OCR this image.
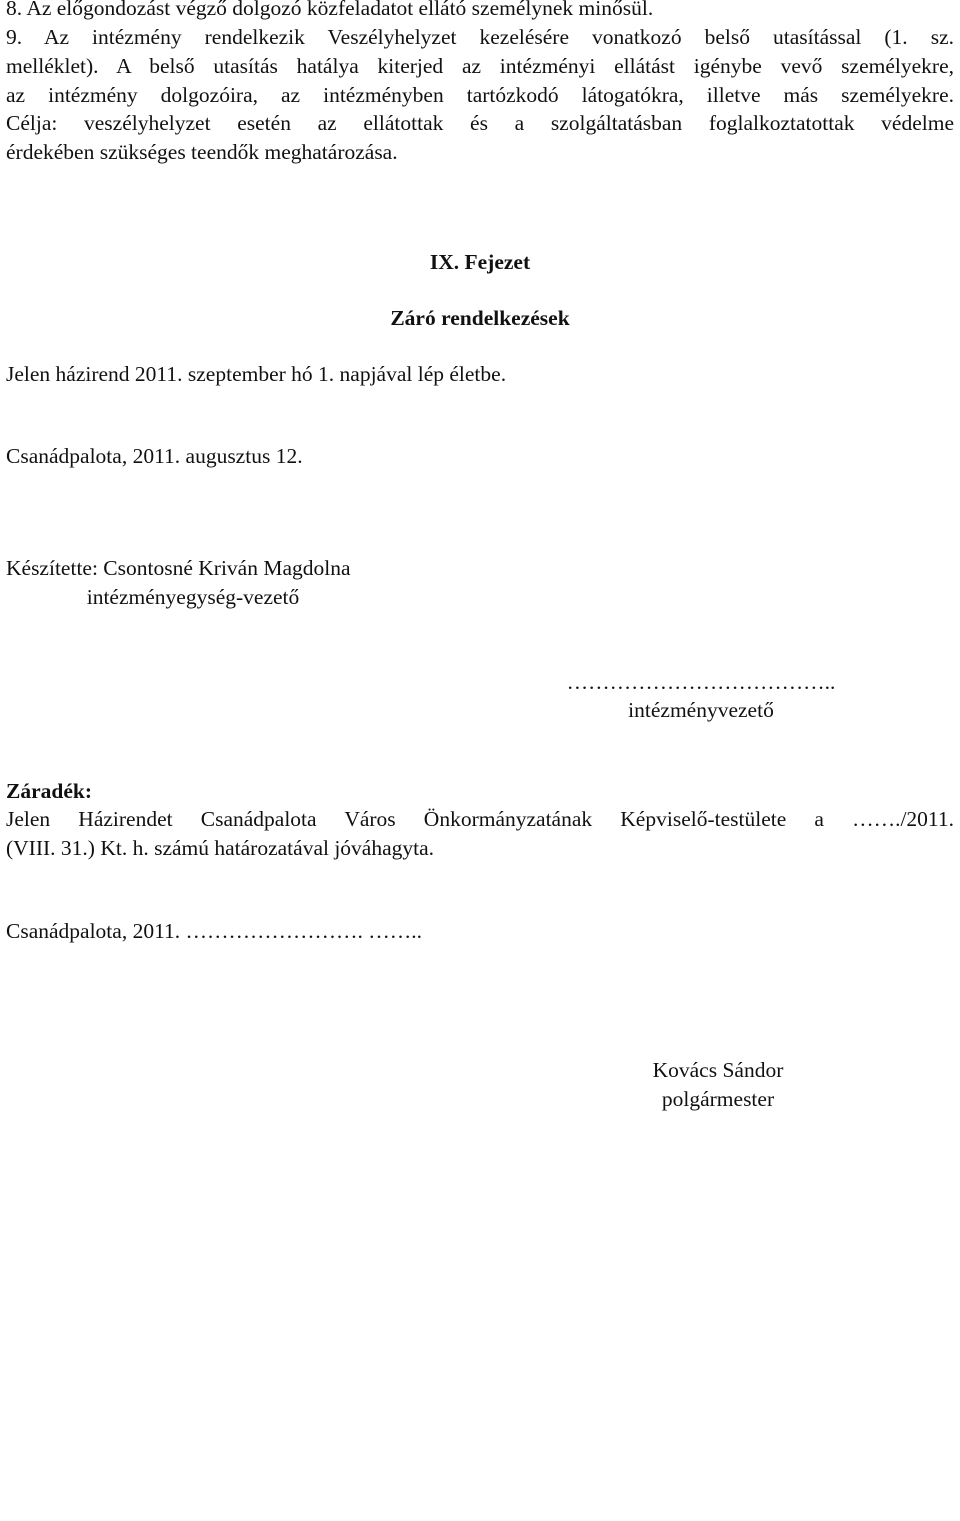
8. Az előgondozást végző dolgozó közfeladatot ellátó személynek minősül.
9. Az intézmény rendelkezik Veszélyhelyzet kezelésére vonatkozó belső utasítással (1. sz.
melléklet). A belső utasítás hatálya kiterjed az intézményi ellátást igénybe vevő személyekre,
az intézmény dolgozóira, az intézményben tartózkodó látogatókra, illetve más személyekre.
Célja: veszélyhelyzet esetén az ellátottak és a szolgáltatásban foglalkoztatottak védelme
érdekében szükséges teendők meghatározása.
IX. Fejezet
Záró rendelkezések
Jelen házirend 2011. szeptember hó 1. napjával lép életbe.
Csanádpalota, 2011. augusztus 12.
Készítette: Csontosné Kriván Magdolna
intézményegység-vezető
………………………………..
intézményvezető
Záradék:
Jelen Házirendet Csanádpalota Város Önkormányzatának Képviselő-testülete a ……./2011.
(VIII. 31.) Kt. h. számú határozatával jóváhagyta.
Csanádpalota, 2011. ……………………. ……..
Kovács Sándor
polgármester
